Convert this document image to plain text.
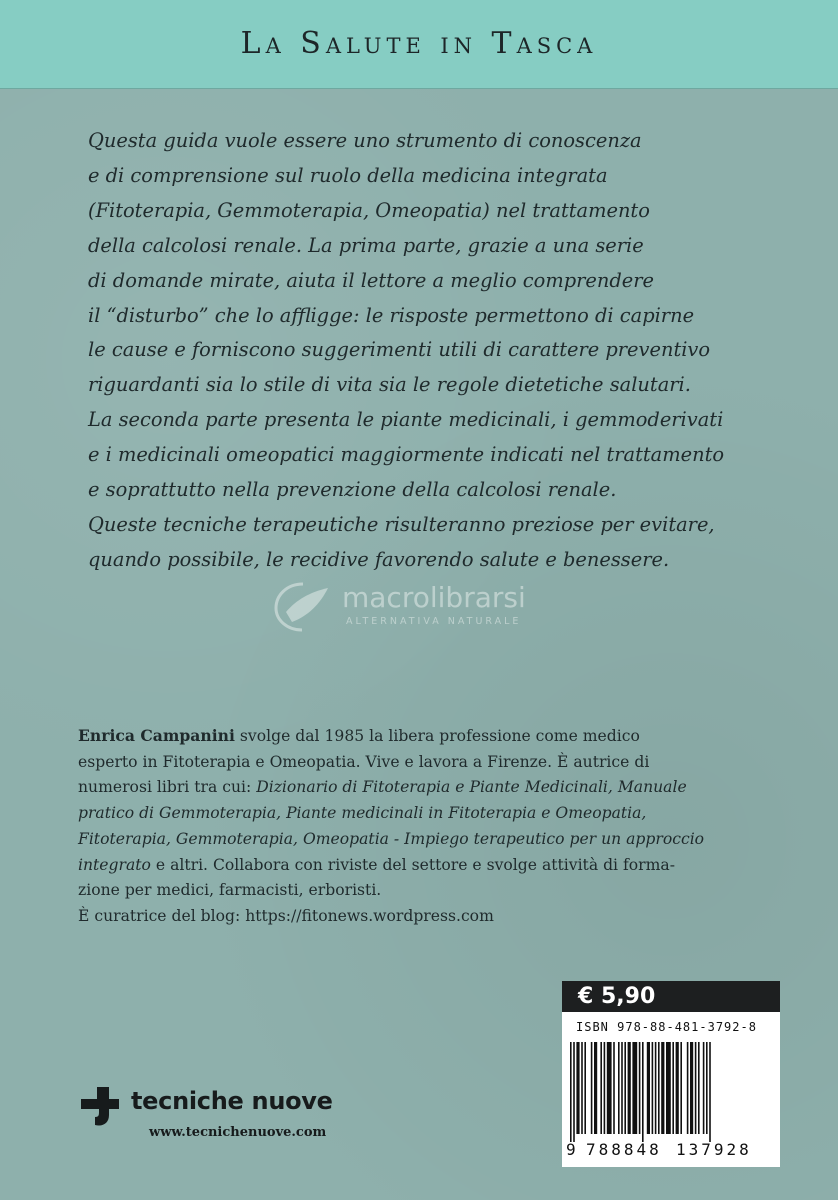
La Salute in Tasca
Questa guida vuole essere uno strumento di conoscenza
e di comprensione sul ruolo della medicina integrata
(Fitoterapia, Gemmoterapia, Omeopatia) nel trattamento
della calcolosi renale. La prima parte, grazie a una serie
di domande mirate, aiuta il lettore a meglio comprendere
il “disturbo” che lo affligge: le risposte permettono di capirne
le cause e forniscono suggerimenti utili di carattere preventivo
riguardanti sia lo stile di vita sia le regole dietetiche salutari.
La seconda parte presenta le piante medicinali, i gemmoderivati
e i medicinali omeopatici maggiormente indicati nel trattamento
e soprattutto nella prevenzione della calcolosi renale.
Queste tecniche terapeutiche risulteranno preziose per evitare,
quando possibile, le recidive favorendo salute e benessere.
macrolibrarsi
ALTERNATIVA NATURALE
Enrica Campanini svolge dal 1985 la libera professione come medico
esperto in Fitoterapia e Omeopatia. Vive e lavora a Firenze. È autrice di
numerosi libri tra cui: Dizionario di Fitoterapia e Piante Medicinali, Manuale
pratico di Gemmoterapia, Piante medicinali in Fitoterapia e Omeopatia,
Fitoterapia, Gemmoterapia, Omeopatia - Impiego terapeutico per un approccio
integrato e altri. Collabora con riviste del settore e svolge attività di forma-
zione per medici, farmacisti, erboristi.
È curatrice del blog: https://fitonews.wordpress.com
€ 5,90
ISBN 978-88-481-3792-8
9 788848 137928
tecniche nuove
www.tecnichenuove.com
